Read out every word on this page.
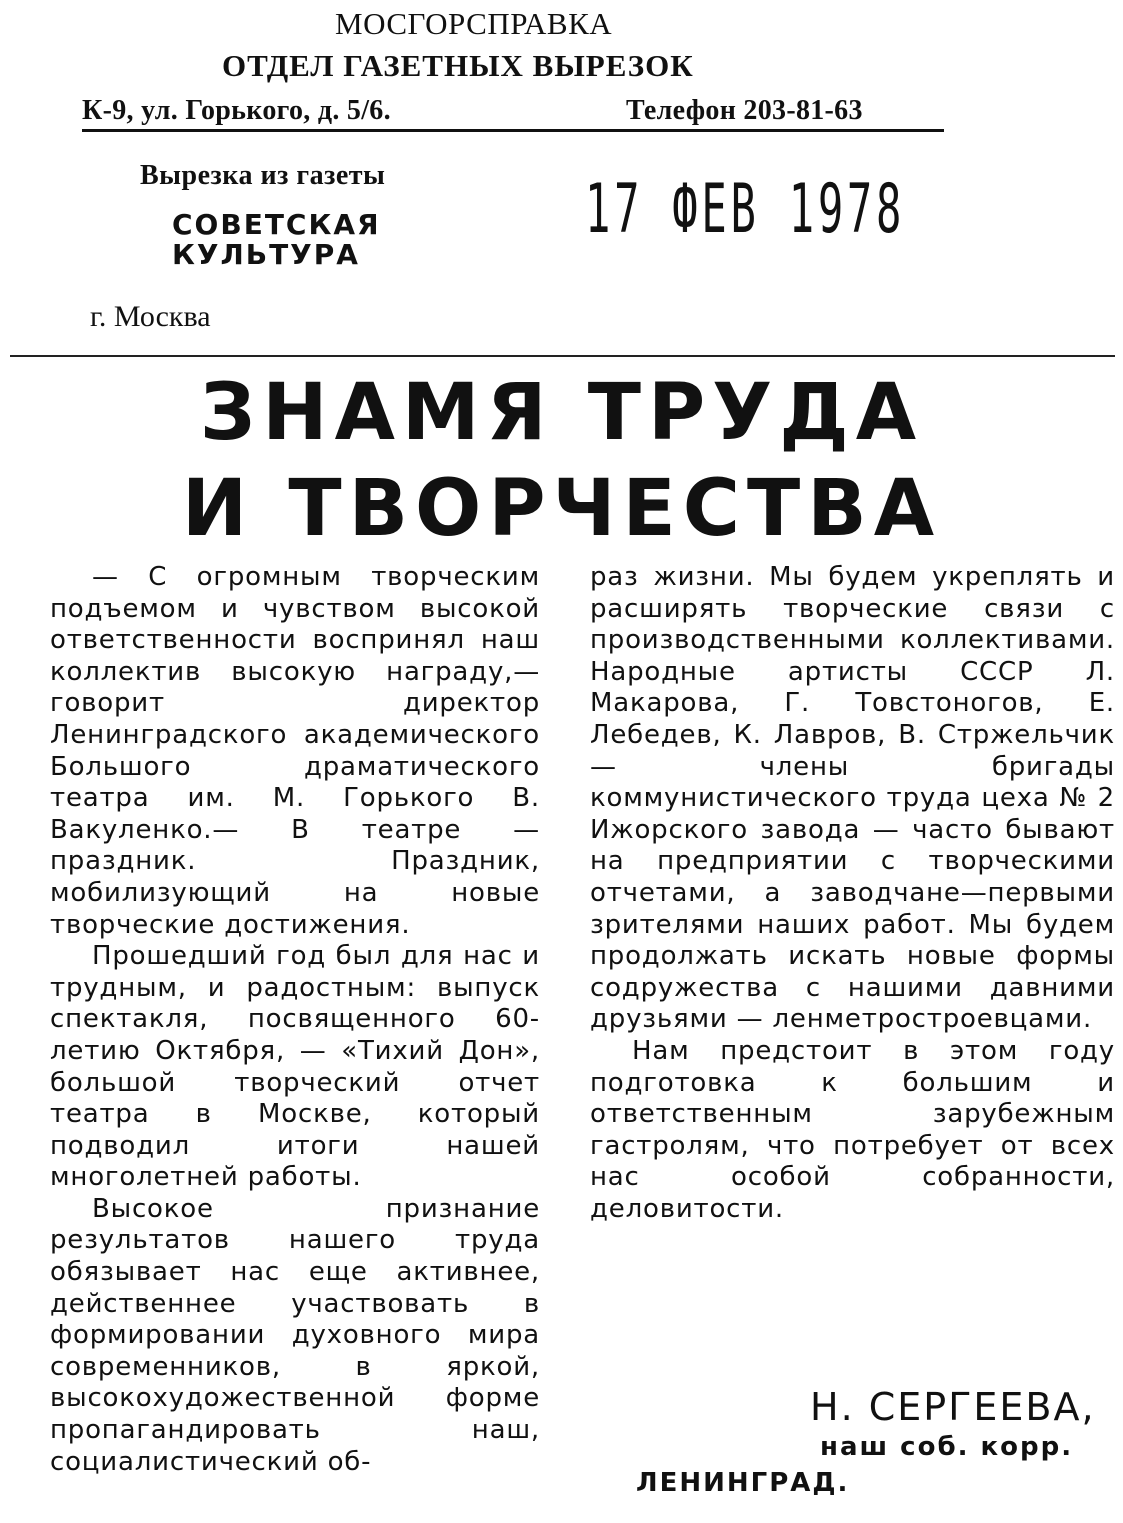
МОСГОРСПРАВКА
ОТДЕЛ ГАЗЕТНЫХ ВЫРЕЗОК
К-9, ул. Горького, д. 5/6.	Телефон 203-81-63
Вырезка из газеты
СОВЕТСКАЯ
КУЛЬТУРА
17 ФЕВ 1978
г. Москва
ЗНАМЯ ТРУДА
И ТВОРЧЕСТВА

— С огромным творческим подъемом и чувством высокой ответственности воспринял наш коллектив высокую награду,— говорит директор Ленинградского академического Большого драматического театра им. М. Горького В. Вакуленко.— В театре — праздник. Праздник, мобилизующий на новые творческие достижения.

Прошедший год был для нас и трудным, и радостным: выпуск спектакля, посвященного 60-летию Октября, — «Тихий Дон», большой творческий отчет театра в Москве, который подводил итоги нашей многолетней работы.

Высокое признание результатов нашего труда обязывает нас еще активнее, действеннее участвовать в формировании духовного мира современников, в яркой, высокохудожественной форме пропагандировать наш, социалистический об-

раз жизни. Мы будем укреплять и расширять творческие связи с производственными коллективами. Народные артисты СССР Л. Макарова, Г. Товстоногов, Е. Лебедев, К. Лавров, В. Стржельчик — члены бригады коммунистического труда цеха № 2 Ижорского завода — часто бывают на предприятии с творческими отчетами, а заводчане—первыми зрителями наших работ. Мы будем продолжать искать новые формы содружества с нашими давними друзьями — ленметростроевцами.

Нам предстоит в этом году подготовка к большим и ответственным зарубежным гастролям, что потребует от всех нас особой собранности, деловитости.

Н. СЕРГЕЕВА,
наш соб. корр.
ЛЕНИНГРАД.
